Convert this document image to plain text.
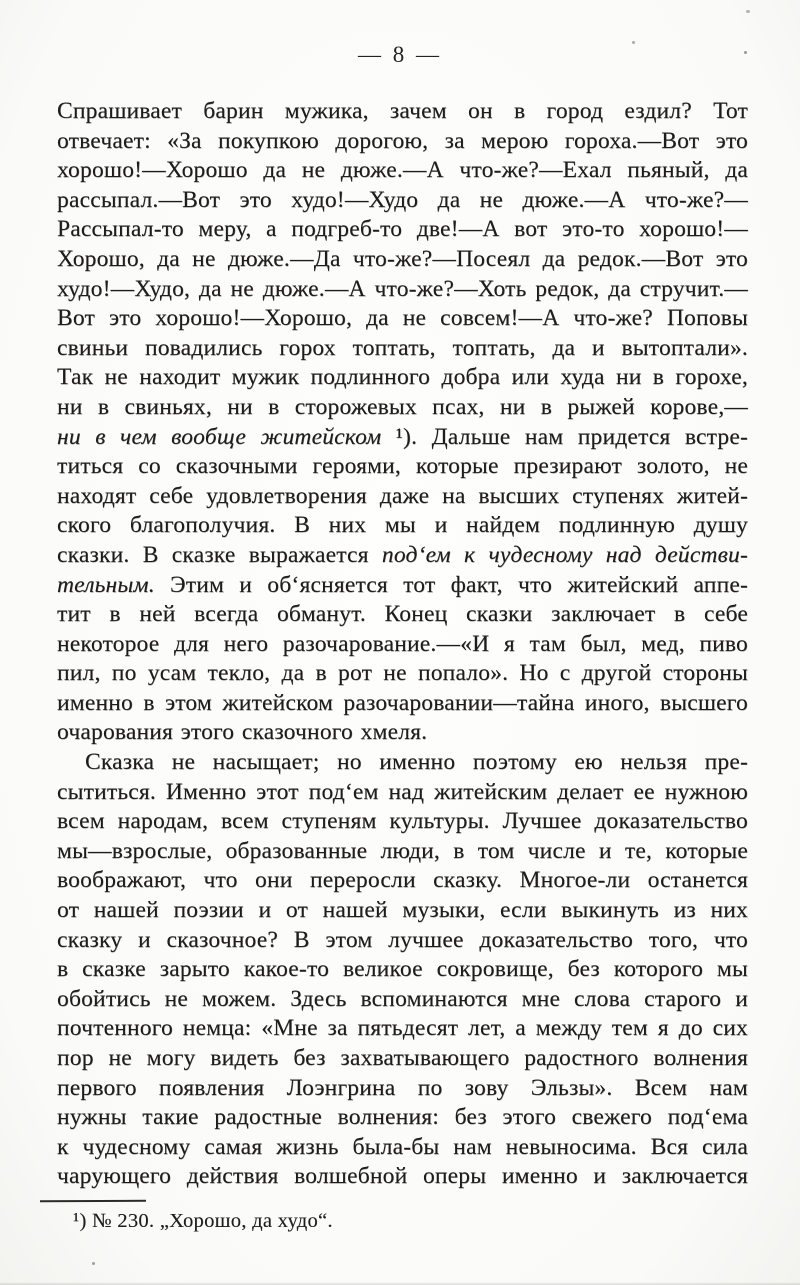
— 8 —
Спрашивает барин мужика, зачем он в город ездил? Тот
отвечает: «За покупкою дорогою, за мерою гороха.—Вот это
хорошо!—Хорошо да не дюже.—А что-же?—Ехал пьяный, да
рассыпал.—Вот это худо!—Худо да не дюже.—А что-же?—
Рассыпал-то меру, а подгреб-то две!—А вот это-то хорошо!—
Хорошо, да не дюже.—Да что-же?—Посеял да редок.—Вот это
худо!—Худо, да не дюже.—А что-же?—Хоть редок, да стручит.—
Вот это хорошо!—Хорошо, да не совсем!—А что-же? Поповы
свиньи повадились горох топтать, топтать, да и вытоптали».
Так не находит мужик подлинного добра или худа ни в горохе,
ни в свиньях, ни в сторожевых псах, ни в рыжей корове,—
ни в чем вообще житейском ¹). Дальше нам придется встре-
титься со сказочными героями, которые презирают золото, не
находят себе удовлетворения даже на высших ступенях житей-
ского благополучия. В них мы и найдем подлинную душу
сказки. В сказке выражается под‘ем к чудесному над действи-
тельным. Этим и об‘ясняется тот факт, что житейский аппе-
тит в ней всегда обманут. Конец сказки заключает в себе
некоторое для него разочарование.—«И я там был, мед, пиво
пил, по усам текло, да в рот не попало». Но с другой стороны
именно в этом житейском разочаровании—тайна иного, высшего
очарования этого сказочного хмеля.
Сказка не насыщает; но именно поэтому ею нельзя пре-
сытиться. Именно этот под‘ем над житейским делает ее нужною
всем народам, всем ступеням культуры. Лучшее доказательство
мы—взрослые, образованные люди, в том числе и те, которые
воображают, что они переросли сказку. Многое-ли останется
от нашей поэзии и от нашей музыки, если выкинуть из них
сказку и сказочное? В этом лучшее доказательство того, что
в сказке зарыто какое-то великое сокровище, без которого мы
обойтись не можем. Здесь вспоминаются мне слова старого и
почтенного немца: «Мне за пятьдесят лет, а между тем я до сих
пор не могу видеть без захватывающего радостного волнения
первого появления Лоэнгрина по зову Эльзы». Всем нам
нужны такие радостные волнения: без этого свежего под‘ема
к чудесному самая жизнь была-бы нам невыносима. Вся сила
чарующего действия волшебной оперы именно и заключается
¹) № 230. „Хорошо, да худо“.
